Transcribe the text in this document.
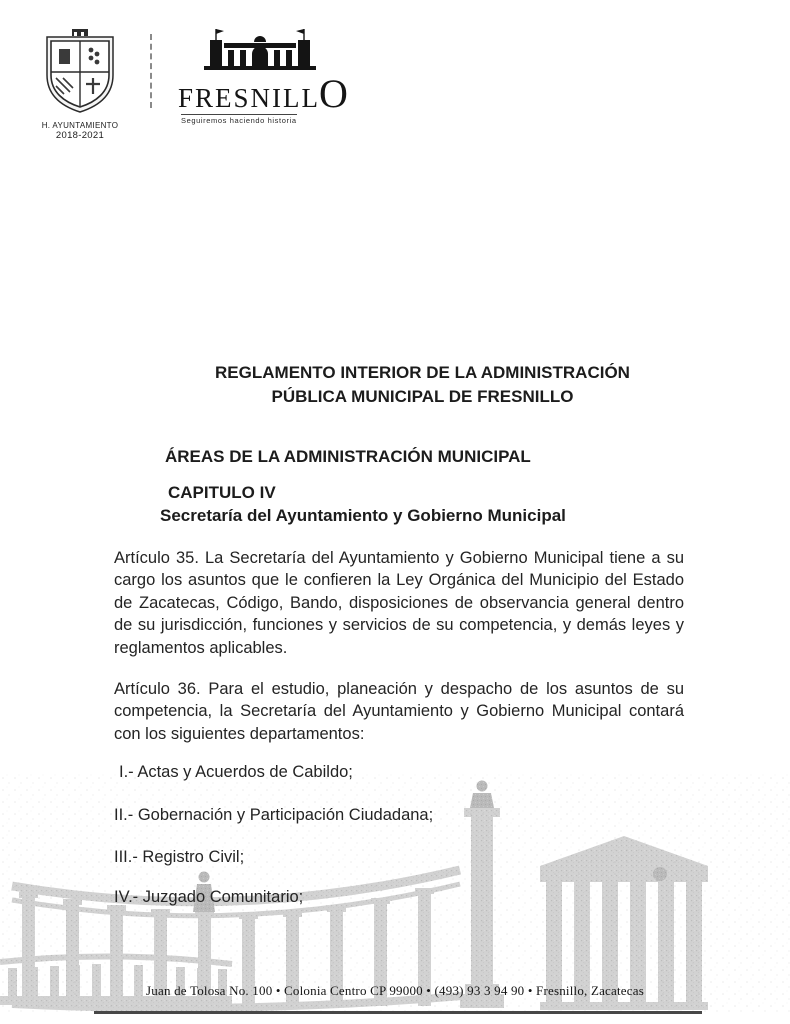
H. AYUNTAMIENTO
2018-2021
FRESNILL O
Seguiremos haciendo historia
REGLAMENTO INTERIOR DE LA ADMINISTRACIÓN
PÚBLICA MUNICIPAL DE FRESNILLO
ÁREAS DE LA ADMINISTRACIÓN MUNICIPAL
CAPITULO IV
Secretaría del Ayuntamiento y Gobierno Municipal

Artículo 35. La Secretaría del Ayuntamiento y Gobierno Municipal tiene a su cargo los asuntos que le confieren la Ley Orgánica del Municipio del Estado de Zacatecas, Código, Bando, disposiciones de observancia general dentro de su jurisdicción, funciones y servicios de su competencia, y demás leyes y reglamentos aplicables.

Artículo 36. Para el estudio, planeación y despacho de los asuntos de su competencia, la Secretaría del Ayuntamiento y Gobierno Municipal contará con los siguientes departamentos:

I.- Actas y Acuerdos de Cabildo;
II.- Gobernación y Participación Ciudadana;
III.- Registro Civil;
IV.- Juzgado Comunitario;
Juan de Tolosa No. 100 • Colonia Centro CP 99000 • (493) 93 3 94 90 • Fresnillo, Zacatecas
